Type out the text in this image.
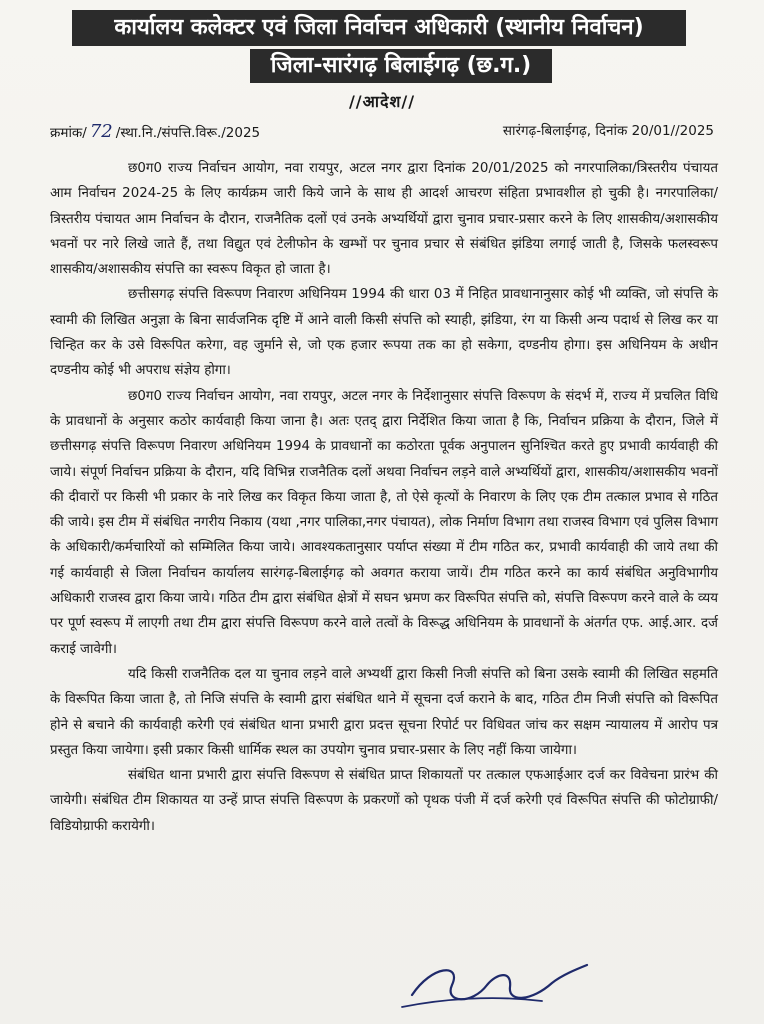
कार्यालय कलेक्टर एवं जिला निर्वाचन अधिकारी (स्थानीय निर्वाचन)
जिला-सारंगढ़ बिलाईगढ़ (छ.ग.)
//आदेश//
क्रमांक/ 72 /स्था.नि./संपत्ति.विरू./2025	सारंगढ़-बिलाईगढ़, दिनांक 20/01//2025

छ0ग0 राज्य निर्वाचन आयोग, नवा रायपुर, अटल नगर द्वारा दिनांक 20/01/2025 को नगरपालिका/त्रिस्तरीय पंचायत आम निर्वाचन 2024-25 के लिए कार्यक्रम जारी किये जाने के साथ ही आदर्श आचरण संहिता प्रभावशील हो चुकी है। नगरपालिका/त्रिस्तरीय पंचायत आम निर्वाचन के दौरान, राजनैतिक दलों एवं उनके अभ्यर्थियों द्वारा चुनाव प्रचार-प्रसार करने के लिए शासकीय/अशासकीय भवनों पर नारे लिखे जाते हैं, तथा विद्युत एवं टेलीफोन के खम्भों पर चुनाव प्रचार से संबंधित झंडिया लगाई जाती है, जिसके फलस्वरूप शासकीय/अशासकीय संपत्ति का स्वरूप विकृत हो जाता है।

छत्तीसगढ़ संपत्ति विरूपण निवारण अधिनियम 1994 की धारा 03 में निहित प्रावधानानुसार कोई भी व्यक्ति, जो संपत्ति के स्वामी की लिखित अनुज्ञा के बिना सार्वजनिक दृष्टि में आने वाली किसी संपत्ति को स्याही, झंडिया, रंग या किसी अन्य पदार्थ से लिख कर या चिन्हित कर के उसे विरूपित करेगा, वह जुर्माने से, जो एक हजार रूपया तक का हो सकेगा, दण्डनीय होगा। इस अधिनियम के अधीन दण्डनीय कोई भी अपराध संज्ञेय होगा।

छ0ग0 राज्य निर्वाचन आयोग, नवा रायपुर, अटल नगर के निर्देशानुसार संपत्ति विरूपण के संदर्भ में, राज्य में प्रचलित विधि के प्रावधानों के अनुसार कठोर कार्यवाही किया जाना है। अतः एतद् द्वारा निर्देशित किया जाता है कि, निर्वाचन प्रक्रिया के दौरान, जिले में छत्तीसगढ़ संपत्ति विरूपण निवारण अधिनियम 1994 के प्रावधानों का कठोरता पूर्वक अनुपालन सुनिश्चित करते हुए प्रभावी कार्यवाही की जाये। संपूर्ण निर्वाचन प्रक्रिया के दौरान, यदि विभिन्न राजनैतिक दलों अथवा निर्वाचन लड़ने वाले अभ्यर्थियों द्वारा, शासकीय/अशासकीय भवनों की दीवारों पर किसी भी प्रकार के नारे लिख कर विकृत किया जाता है, तो ऐसे कृत्यों के निवारण के लिए एक टीम तत्काल प्रभाव से गठित की जाये। इस टीम में संबंधित नगरीय निकाय (यथा ,नगर पालिका,नगर पंचायत), लोक निर्माण विभाग तथा राजस्व विभाग एवं पुलिस विभाग के अधिकारी/कर्मचारियों को सम्मिलित किया जाये। आवश्यकतानुसार पर्याप्त संख्या में टीम गठित कर, प्रभावी कार्यवाही की जाये तथा की गई कार्यवाही से जिला निर्वाचन कार्यालय सारंगढ़-बिलाईगढ़ को अवगत कराया जायें। टीम गठित करने का कार्य संबंधित अनुविभागीय अधिकारी राजस्व द्वारा किया जाये। गठित टीम द्वारा संबंधित क्षेत्रों में सघन भ्रमण कर विरूपित संपत्ति को, संपत्ति विरूपण करने वाले के व्यय पर पूर्ण स्वरूप में लाएगी तथा टीम द्वारा संपत्ति विरूपण करने वाले तत्वों के विरूद्ध अधिनियम के प्रावधानों के अंतर्गत एफ. आई.आर. दर्ज कराई जावेगी।

यदि किसी राजनैतिक दल या चुनाव लड़ने वाले अभ्यर्थी द्वारा किसी निजी संपत्ति को बिना उसके स्वामी की लिखित सहमति के विरूपित किया जाता है, तो निजि संपत्ति के स्वामी द्वारा संबंधित थाने में सूचना दर्ज कराने के बाद, गठित टीम निजी संपत्ति को विरूपित होने से बचाने की कार्यवाही करेगी एवं संबंधित थाना प्रभारी द्वारा प्रदत्त सूचना रिपोर्ट पर विधिवत जांच कर सक्षम न्यायालय में आरोप पत्र प्रस्तुत किया जायेगा। इसी प्रकार किसी धार्मिक स्थल का उपयोग चुनाव प्रचार-प्रसार के लिए नहीं किया जायेगा।

संबंधित थाना प्रभारी द्वारा संपत्ति विरूपण से संबंधित प्राप्त शिकायतों पर तत्काल एफआईआर दर्ज कर विवेचना प्रारंभ की जायेगी। संबंधित टीम शिकायत या उन्हें प्राप्त संपत्ति विरूपण के प्रकरणों को पृथक पंजी में दर्ज करेगी एवं विरूपित संपत्ति की फोटोग्राफी/ विडियोग्राफी करायेगी।
